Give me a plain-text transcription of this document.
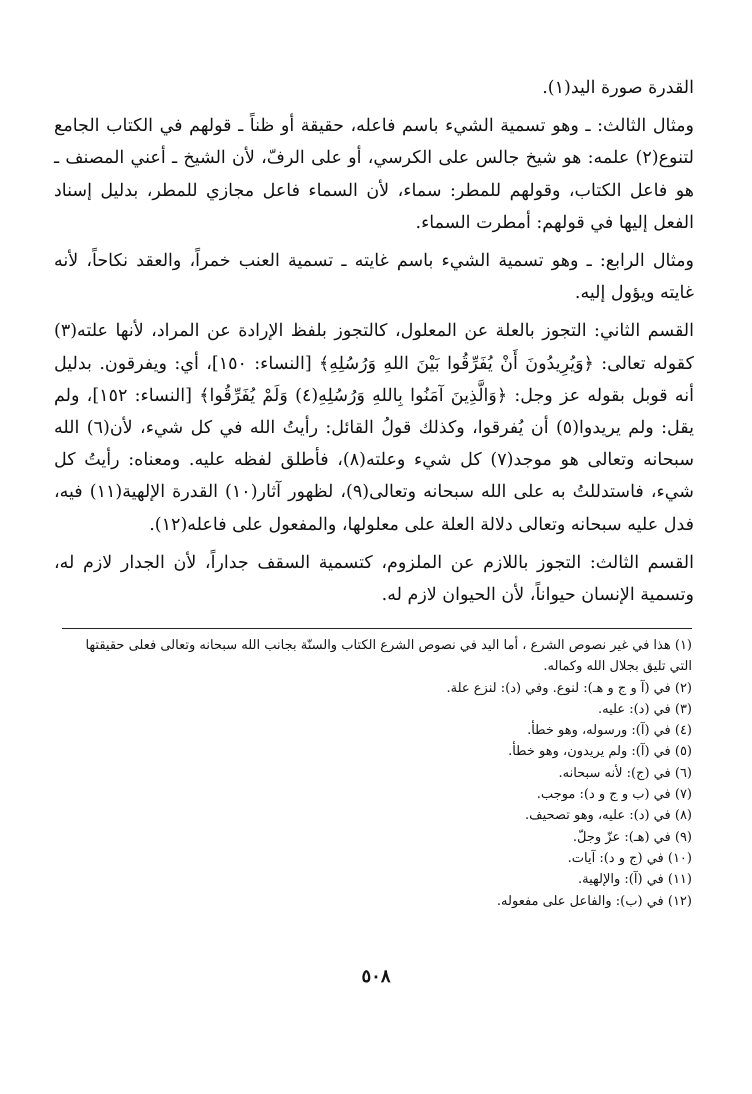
القدرة صورة اليد(١).

ومثال الثالث: ـ وهو تسمية الشيء باسم فاعله، حقيقة أو ظناً ـ قولهم في الكتاب الجامع لتنوع(٢) علمه: هو شيخ جالس على الكرسي، أو على الرفّ، لأن الشيخ ـ أعني المصنف ـ هو فاعل الكتاب، وقولهم للمطر: سماء، لأن السماء فاعل مجازي للمطر، بدليل إسناد الفعل إليها في قولهم: أمطرت السماء.

ومثال الرابع: ـ وهو تسمية الشيء باسم غايته ـ تسمية العنب خمراً، والعقد نكاحاً، لأنه غايته ويؤول إليه.

القسم الثاني: التجوز بالعلة عن المعلول، كالتجوز بلفظ الإرادة عن المراد، لأنها علته(٣) كقوله تعالى: ﴿وَيُرِيدُونَ أَنْ يُفَرِّقُوا بَيْنَ اللهِ وَرُسُلِهِ﴾ [النساء: ١٥٠]، أي: ويفرقون. بدليل أنه قوبل بقوله عز وجل: ﴿وَالَّذِينَ آمَنُوا بِاللهِ وَرُسُلِهِ(٤) وَلَمْ يُفَرِّقُوا﴾ [النساء: ١٥٢]، ولم يقل: ولم يريدوا(٥) أن يُفرقوا، وكذلك قولُ القائل: رأيتُ الله في كل شيء، لأن(٦) الله سبحانه وتعالى هو موجد(٧) كل شيء وعلته(٨)، فأطلق لفظه عليه. ومعناه: رأيتُ كل شيء، فاستدللتُ به على الله سبحانه وتعالى(٩)، لظهور آثار(١٠) القدرة الإلهية(١١) فيه، فدل عليه سبحانه وتعالى دلالة العلة على معلولها، والمفعول على فاعله(١٢).

القسم الثالث: التجوز باللازم عن الملزوم، كتسمية السقف جداراً، لأن الجدار لازم له، وتسمية الإنسان حيواناً، لأن الحيوان لازم له.

(١) هذا في غير نصوص الشرع ، أما اليد في نصوص الشرع الكتاب والسنّة بجانب الله سبحانه وتعالى فعلى حقيقتها التي تليق بجلال الله وكماله.

(٢) في (آ و ج و هـ): لنوع. وفي (د): لنزع علة.

(٣) في (د): عليه.

(٤) في (آ): ورسوله، وهو خطأ.

(٥) في (آ): ولم يريدون، وهو خطأ.

(٦) في (ج): لأنه سبحانه.

(٧) في (ب و ج و د): موجب.

(٨) في (د): عليه، وهو تصحيف.

(٩) في (هـ): عزّ وجلّ.

(١٠) في (ج و د): آيات.

(١١) في (آ): والإلهية.

(١٢) في (ب): والفاعل على مفعوله.

٥٠٨
